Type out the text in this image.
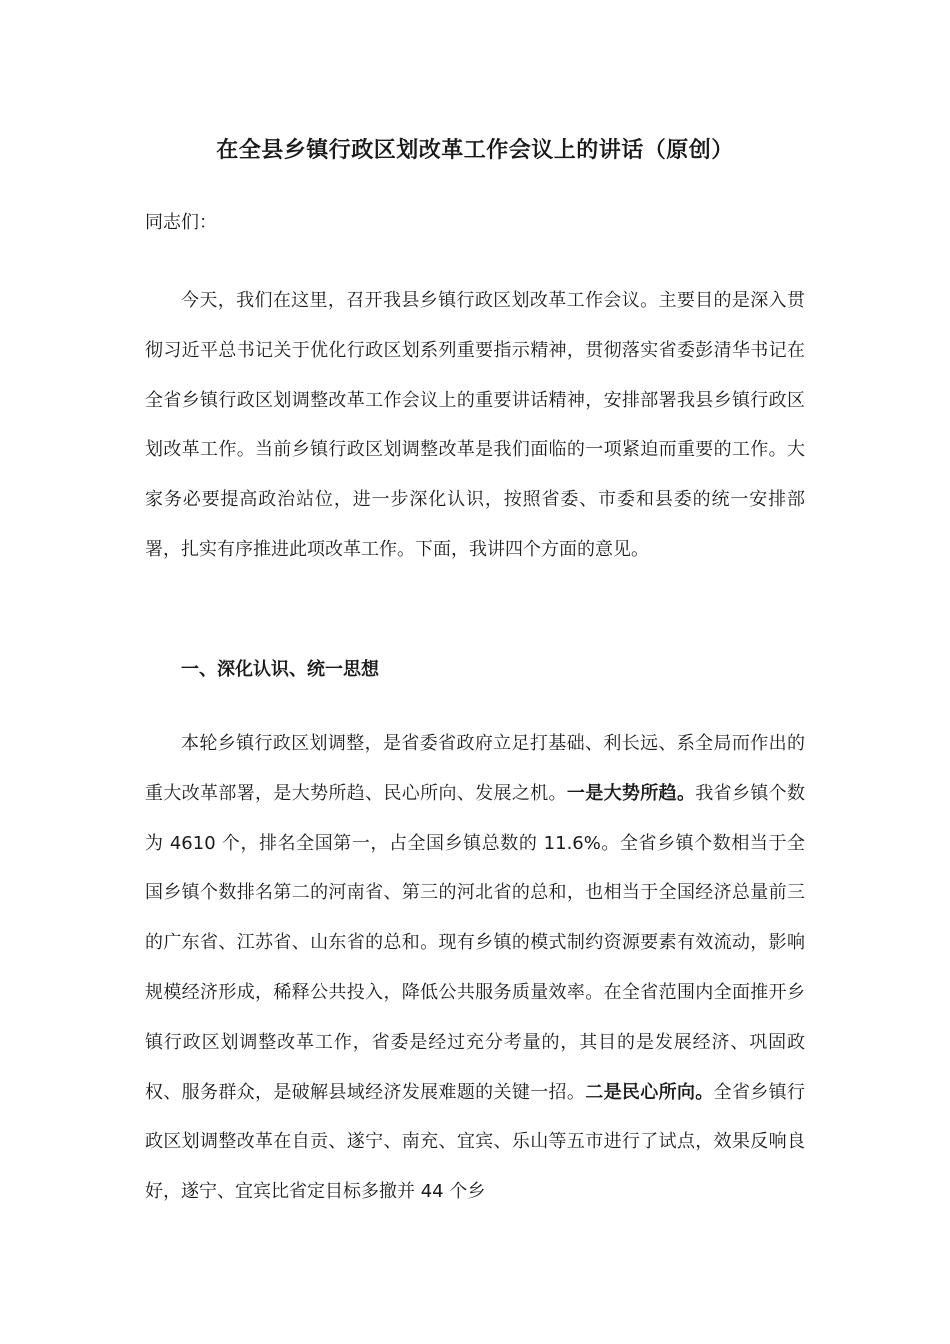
在全县乡镇行政区划改革工作会议上的讲话（原创）
同志们：
今天，我们在这里，召开我县乡镇行政区划改革工作会议。主要目的是深入贯彻习近平总书记关于优化行政区划系列重要指示精神，贯彻落实省委彭清华书记在全省乡镇行政区划调整改革工作会议上的重要讲话精神，安排部署我县乡镇行政区划改革工作。当前乡镇行政区划调整改革是我们面临的一项紧迫而重要的工作。大家务必要提高政治站位，进一步深化认识，按照省委、市委和县委的统一安排部署，扎实有序推进此项改革工作。下面，我讲四个方面的意见。
一、深化认识、统一思想
本轮乡镇行政区划调整，是省委省政府立足打基础、利长远、系全局而作出的重大改革部署，是大势所趋、民心所向、发展之机。一是大势所趋。我省乡镇个数为 4610 个，排名全国第一，占全国乡镇总数的 11.6%。全省乡镇个数相当于全国乡镇个数排名第二的河南省、第三的河北省的总和，也相当于全国经济总量前三的广东省、江苏省、山东省的总和。现有乡镇的模式制约资源要素有效流动，影响规模经济形成，稀释公共投入，降低公共服务质量效率。在全省范围内全面推开乡镇行政区划调整改革工作，省委是经过充分考量的，其目的是发展经济、巩固政权、服务群众，是破解县域经济发展难题的关键一招。二是民心所向。全省乡镇行政区划调整改革在自贡、遂宁、南充、宜宾、乐山等五市进行了试点，效果反响良好，遂宁、宜宾比省定目标多撤并 44 个乡
